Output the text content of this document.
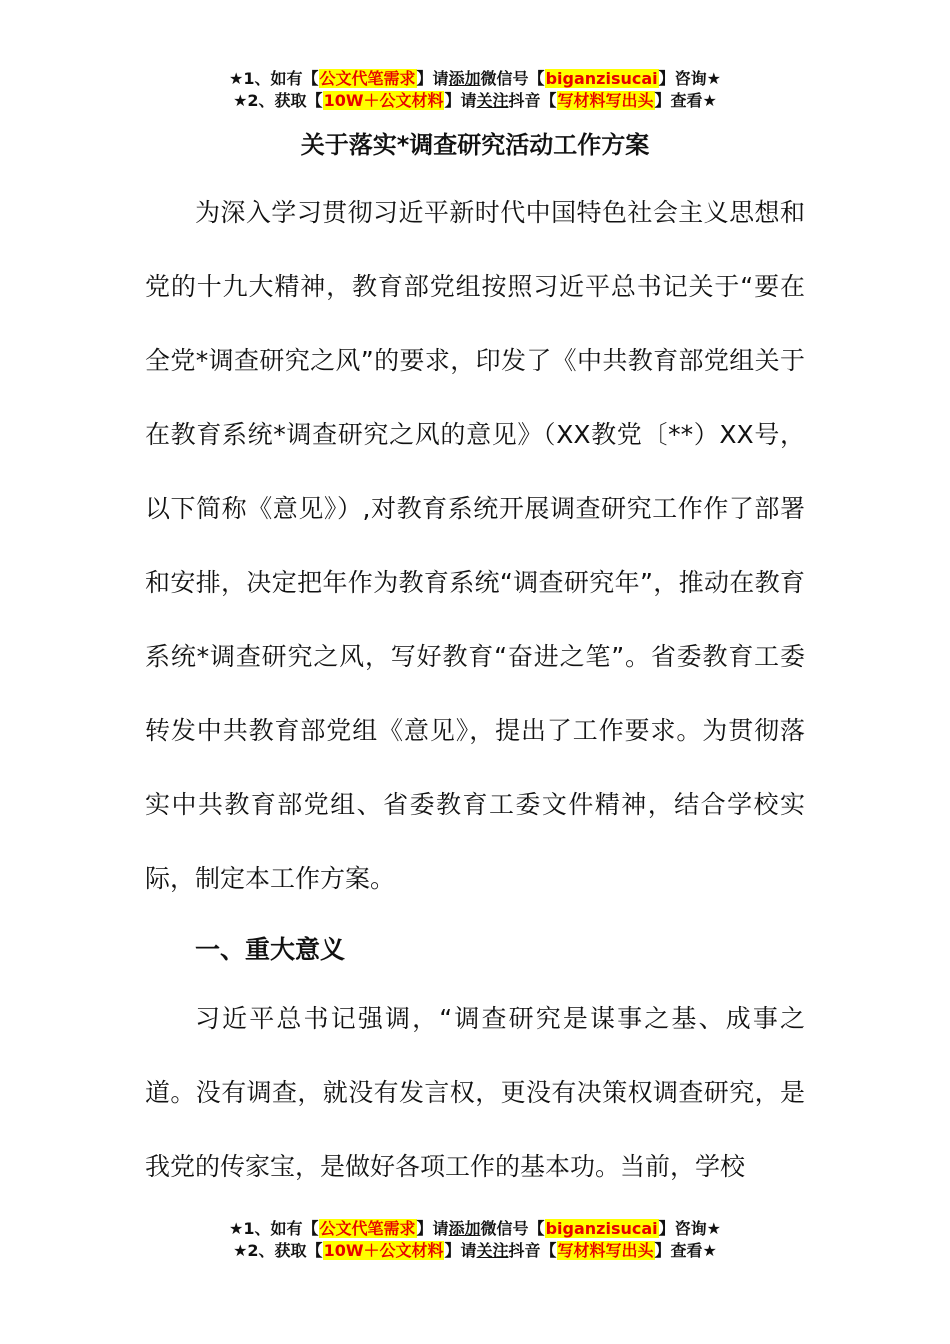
★1、如有【公文代笔需求】请添加微信号【biganzisucai】咨询★
★2、获取【10W＋公文材料】请关注抖音【写材料写出头】查看★
关于落实*调查研究活动工作方案

为深入学习贯彻习近平新时代中国特色社会主义思想和党的十九大精神，教育部党组按照习近平总书记关于“要在全党*调查研究之风”的要求，印发了《中共教育部党组关于在教育系统*调查研究之风的意见》（XX教党〔**）XX号，以下简称《意见》）,对教育系统开展调查研究工作作了部署和安排，决定把年作为教育系统“调查研究年”，推动在教育系统*调查研究之风，写好教育“奋进之笔”。省委教育工委转发中共教育部党组《意见》，提出了工作要求。为贯彻落实中共教育部党组、省委教育工委文件精神，结合学校实际，制定本工作方案。

一、重大意义

习近平总书记强调，“调查研究是谋事之基、成事之道。没有调查，就没有发言权，更没有决策权调查研究，是我党的传家宝，是做好各项工作的基本功。当前，学校

★1、如有【公文代笔需求】请添加微信号【biganzisucai】咨询★
★2、获取【10W＋公文材料】请关注抖音【写材料写出头】查看★
